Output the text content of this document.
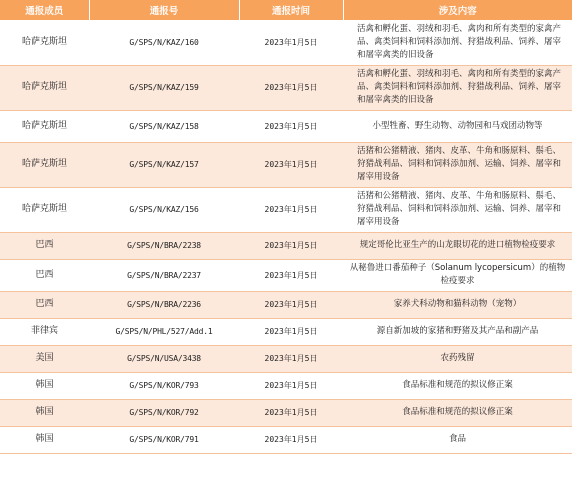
通报成员	通报号	通报时间	涉及内容
哈萨克斯坦	G/SPS/N/KAZ/160	2023年1月5日	活禽和孵化蛋、羽绒和羽毛、禽肉和所有类型的家禽产品、禽类饲料和饲料添加剂、狩猎战利品、饲养、屠宰和屠宰禽类的旧设备
哈萨克斯坦	G/SPS/N/KAZ/159	2023年1月5日	活禽和孵化蛋、羽绒和羽毛、禽肉和所有类型的家禽产品、禽类饲料和饲料添加剂、狩猎战利品、饲养、屠宰和屠宰禽类的旧设备
哈萨克斯坦	G/SPS/N/KAZ/158	2023年1月5日	小型牲畜、野生动物、动物园和马戏团动物等
哈萨克斯坦	G/SPS/N/KAZ/157	2023年1月5日	活猪和公猪精液、猪肉、皮革、牛角和肠原料、鬃毛、狩猎战利品、饲料和饲料添加剂、运输、饲养、屠宰和屠宰用设备
哈萨克斯坦	G/SPS/N/KAZ/156	2023年1月5日	活猪和公猪精液、猪肉、皮革、牛角和肠原料、鬃毛、狩猎战利品、饲料和饲料添加剂、运输、饲养、屠宰和屠宰用设备
巴西	G/SPS/N/BRA/2238	2023年1月5日	规定哥伦比亚生产的山龙眼切花的进口植物检疫要求
巴西	G/SPS/N/BRA/2237	2023年1月5日	从秘鲁进口番茄种子（Solanum lycopersicum）的植物检疫要求
巴西	G/SPS/N/BRA/2236	2023年1月5日	家养犬科动物和猫科动物（宠物）
菲律宾	G/SPS/N/PHL/527/Add.1	2023年1月5日	源自新加坡的家猪和野猪及其产品和副产品
美国	G/SPS/N/USA/3438	2023年1月5日	农药残留
韩国	G/SPS/N/KOR/793	2023年1月5日	食品标准和规范的拟议修正案
韩国	G/SPS/N/KOR/792	2023年1月5日	食品标准和规范的拟议修正案
韩国	G/SPS/N/KOR/791	2023年1月5日	食品
